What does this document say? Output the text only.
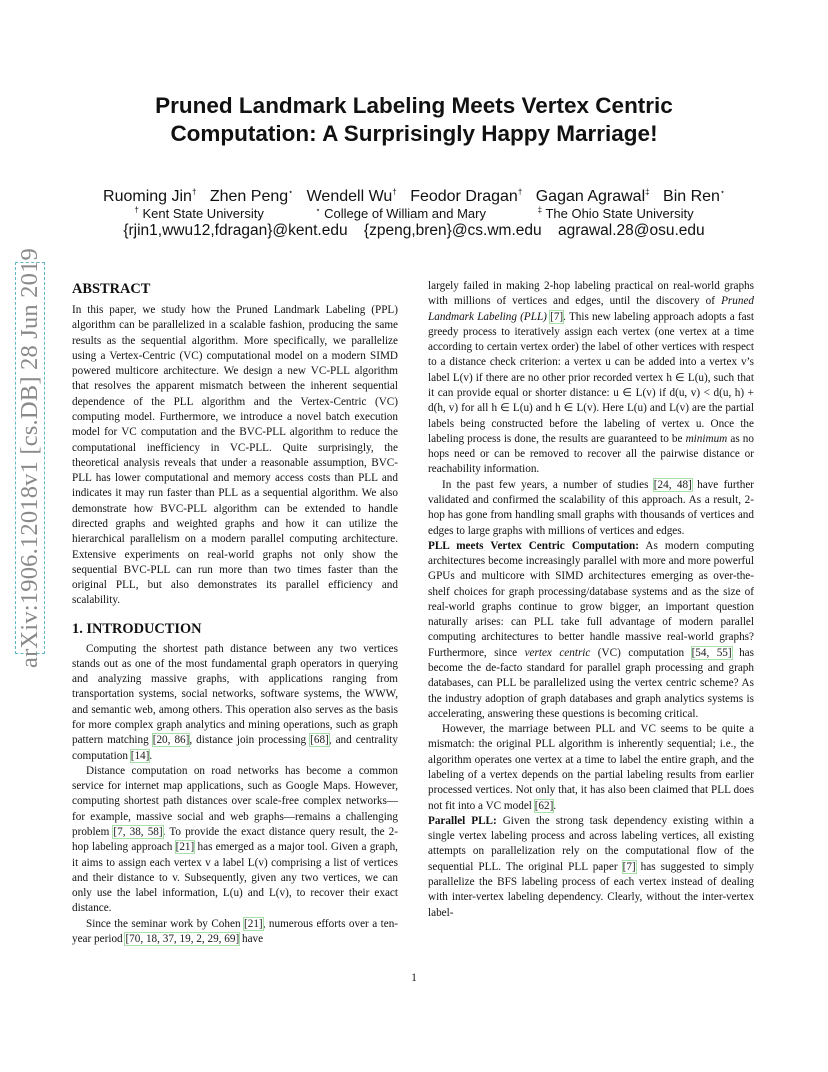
Pruned Landmark Labeling Meets Vertex Centric
Computation: A Surprisingly Happy Marriage!
Ruoming Jin† Zhen Peng⋆ Wendell Wu† Feodor Dragan† Gagan Agrawal‡ Bin Ren⋆
† Kent State University	⋆ College of William and Mary	‡ The Ohio State University
{rjin1,wwu12,fdragan}@kent.edu {zpeng,bren}@cs.wm.edu agrawal.28@osu.edu
arXiv:1906.12018v1 [cs.DB] 28 Jun 2019 ABSTRACT

In this paper, we study how the Pruned Landmark Labeling (PPL) algorithm can be parallelized in a scalable fashion, producing the same results as the sequential algorithm. More specifically, we parallelize using a Vertex-Centric (VC) computational model on a modern SIMD powered multicore architecture. We design a new VC-PLL algorithm that resolves the apparent mismatch between the inherent sequential dependence of the PLL algorithm and the Vertex-Centric (VC) computing model. Furthermore, we introduce a novel batch execution model for VC computation and the BVC-PLL algorithm to reduce the computational inefficiency in VC-PLL. Quite surprisingly, the theoretical analysis reveals that under a reasonable assumption, BVC-PLL has lower computational and memory access costs than PLL and indicates it may run faster than PLL as a sequential algorithm. We also demonstrate how BVC-PLL algorithm can be extended to handle directed graphs and weighted graphs and how it can utilize the hierarchical parallelism on a modern parallel computing architecture. Extensive experiments on real-world graphs not only show the sequential BVC-PLL can run more than two times faster than the original PLL, but also demonstrates its parallel efficiency and scalability.

1. INTRODUCTION

Computing the shortest path distance between any two vertices stands out as one of the most fundamental graph operators in querying and analyzing massive graphs, with applications ranging from transportation systems, social networks, software systems, the WWW, and semantic web, among others. This operation also serves as the basis for more complex graph analytics and mining operations, such as graph pattern matching [20, 86], distance join processing [68], and centrality computation [14].

Distance computation on road networks has become a common service for internet map applications, such as Google Maps. However, computing shortest path distances over scale-free complex networks—for example, massive social and web graphs—remains a challenging problem [7, 38, 58]. To provide the exact distance query result, the 2-hop labeling approach [21] has emerged as a major tool. Given a graph, it aims to assign each vertex v a label L(v) comprising a list of vertices and their distance to v. Subsequently, given any two vertices, we can only use the label information, L(u) and L(v), to recover their exact distance.

Since the seminar work by Cohen [21], numerous efforts over a ten-year period [70, 18, 37, 19, 2, 29, 69] have

largely failed in making 2-hop labeling practical on real-world graphs with millions of vertices and edges, until the discovery of Pruned Landmark Labeling (PLL) [7]. This new labeling approach adopts a fast greedy process to iteratively assign each vertex (one vertex at a time according to certain vertex order) the label of other vertices with respect to a distance check criterion: a vertex u can be added into a vertex v’s label L(v) if there are no other prior recorded vertex h ∈ L(u), such that it can provide equal or shorter distance: u ∈ L(v) if d(u, v) < d(u, h) + d(h, v) for all h ∈ L(u) and h ∈ L(v). Here L(u) and L(v) are the partial labels being constructed before the labeling of vertex u. Once the labeling process is done, the results are guaranteed to be minimum as no hops need or can be removed to recover all the pairwise distance or reachability information.

In the past few years, a number of studies [24, 48] have further validated and confirmed the scalability of this approach. As a result, 2-hop has gone from handling small graphs with thousands of vertices and edges to large graphs with millions of vertices and edges.

PLL meets Vertex Centric Computation: As modern computing architectures become increasingly parallel with more and more powerful GPUs and multicore with SIMD architectures emerging as over-the-shelf choices for graph processing/database systems and as the size of real-world graphs continue to grow bigger, an important question naturally arises: can PLL take full advantage of modern parallel computing architectures to better handle massive real-world graphs? Furthermore, since vertex centric (VC) computation [54, 55] has become the de-facto standard for parallel graph processing and graph databases, can PLL be parallelized using the vertex centric scheme? As the industry adoption of graph databases and graph analytics systems is accelerating, answering these questions is becoming critical.

However, the marriage between PLL and VC seems to be quite a mismatch: the original PLL algorithm is inherently sequential; i.e., the algorithm operates one vertex at a time to label the entire graph, and the labeling of a vertex depends on the partial labeling results from earlier processed vertices. Not only that, it has also been claimed that PLL does not fit into a VC model [62].

Parallel PLL: Given the strong task dependency existing within a single vertex labeling process and across labeling vertices, all existing attempts on parallelization rely on the computational flow of the sequential PLL. The original PLL paper [7] has suggested to simply parallelize the BFS labeling process of each vertex instead of dealing with inter-vertex labeling dependency. Clearly, without the inter-vertex label-

1
